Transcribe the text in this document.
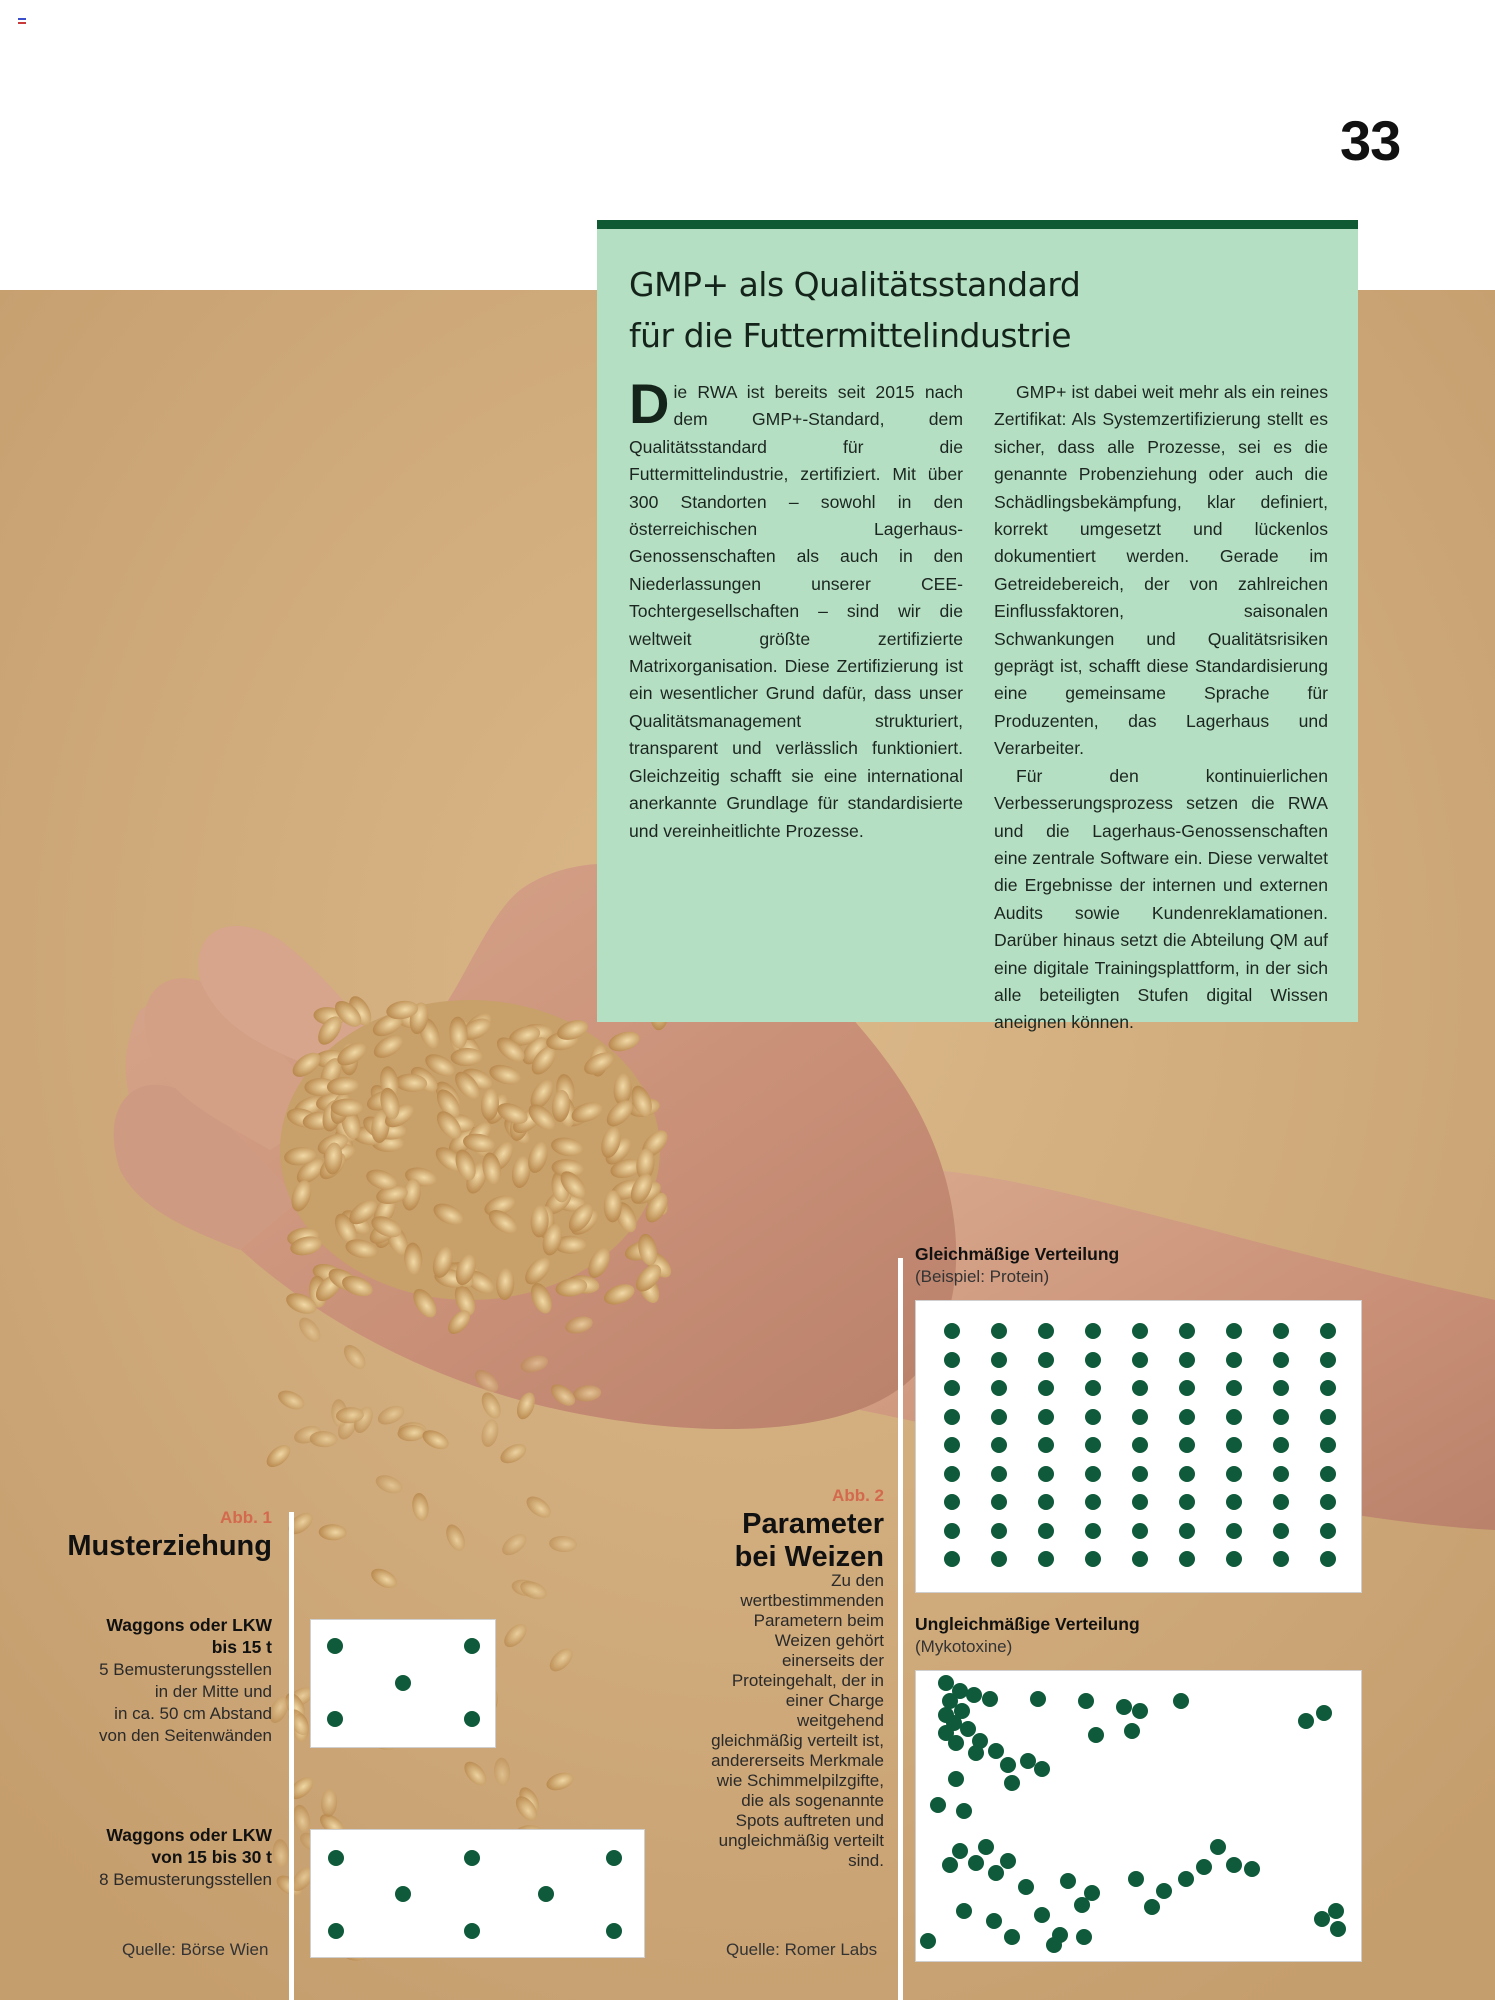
33
GMP+ als Qualitätsstandard
für die Futtermittelindustrie
Die RWA ist bereits seit 2015 nach dem GMP+-Standard, dem Qualitätsstandard für die Futtermittelindustrie, zertifiziert. Mit über 300 Standorten – sowohl in den österreichischen Lagerhaus-Genossenschaften als auch in den Niederlassungen unserer CEE-Tochtergesellschaften – sind wir die weltweit größte zertifizierte Matrixorganisation. Diese Zertifizierung ist ein wesentlicher Grund dafür, dass unser Qualitätsmanagement strukturiert, transparent und verlässlich funktioniert. Gleichzeitig schafft sie eine international anerkannte Grundlage für standardisierte und vereinheitlichte Prozesse.

GMP+ ist dabei weit mehr als ein reines Zertifikat: Als Systemzertifizierung stellt es sicher, dass alle Prozesse, sei es die genannte Probenziehung oder auch die Schädlingsbekämpfung, klar definiert, korrekt umgesetzt und lückenlos dokumentiert werden. Gerade im Getreidebereich, der von zahlreichen Einflussfaktoren, saisonalen Schwankungen und Qualitätsrisiken geprägt ist, schafft diese Standardisierung eine gemeinsame Sprache für Produzenten, das Lagerhaus und Verarbeiter.

Für den kontinuierlichen Verbesserungsprozess setzen die RWA und die Lagerhaus-Genossenschaften eine zentrale Software ein. Diese verwaltet die Ergebnisse der internen und externen Audits sowie Kundenreklamationen. Darüber hinaus setzt die Abteilung QM auf eine digitale Trainingsplattform, in der sich alle beteiligten Stufen digital Wissen aneignen können.

Abb. 1
Musterziehung
Waggons oder LKW
bis 15 t
5 Bemusterungsstellen
in der Mitte und
in ca. 50 cm Abstand
von den Seitenwänden
Waggons oder LKW
von 15 bis 30 t
8 Bemusterungsstellen
Quelle: Börse Wien
Abb. 2
Parameter
bei Weizen
Zu den
wertbestimmenden
Parametern beim
Weizen gehört
einerseits der
Proteingehalt, der in
einer Charge
weitgehend
gleichmäßig verteilt ist,
andererseits Merkmale
wie Schimmelpilzgifte,
die als sogenannte
Spots auftreten und
ungleichmäßig verteilt
sind.
Quelle: Romer Labs
Gleichmäßige Verteilung
(Beispiel: Protein)
Ungleichmäßige Verteilung
(Mykotoxine)
